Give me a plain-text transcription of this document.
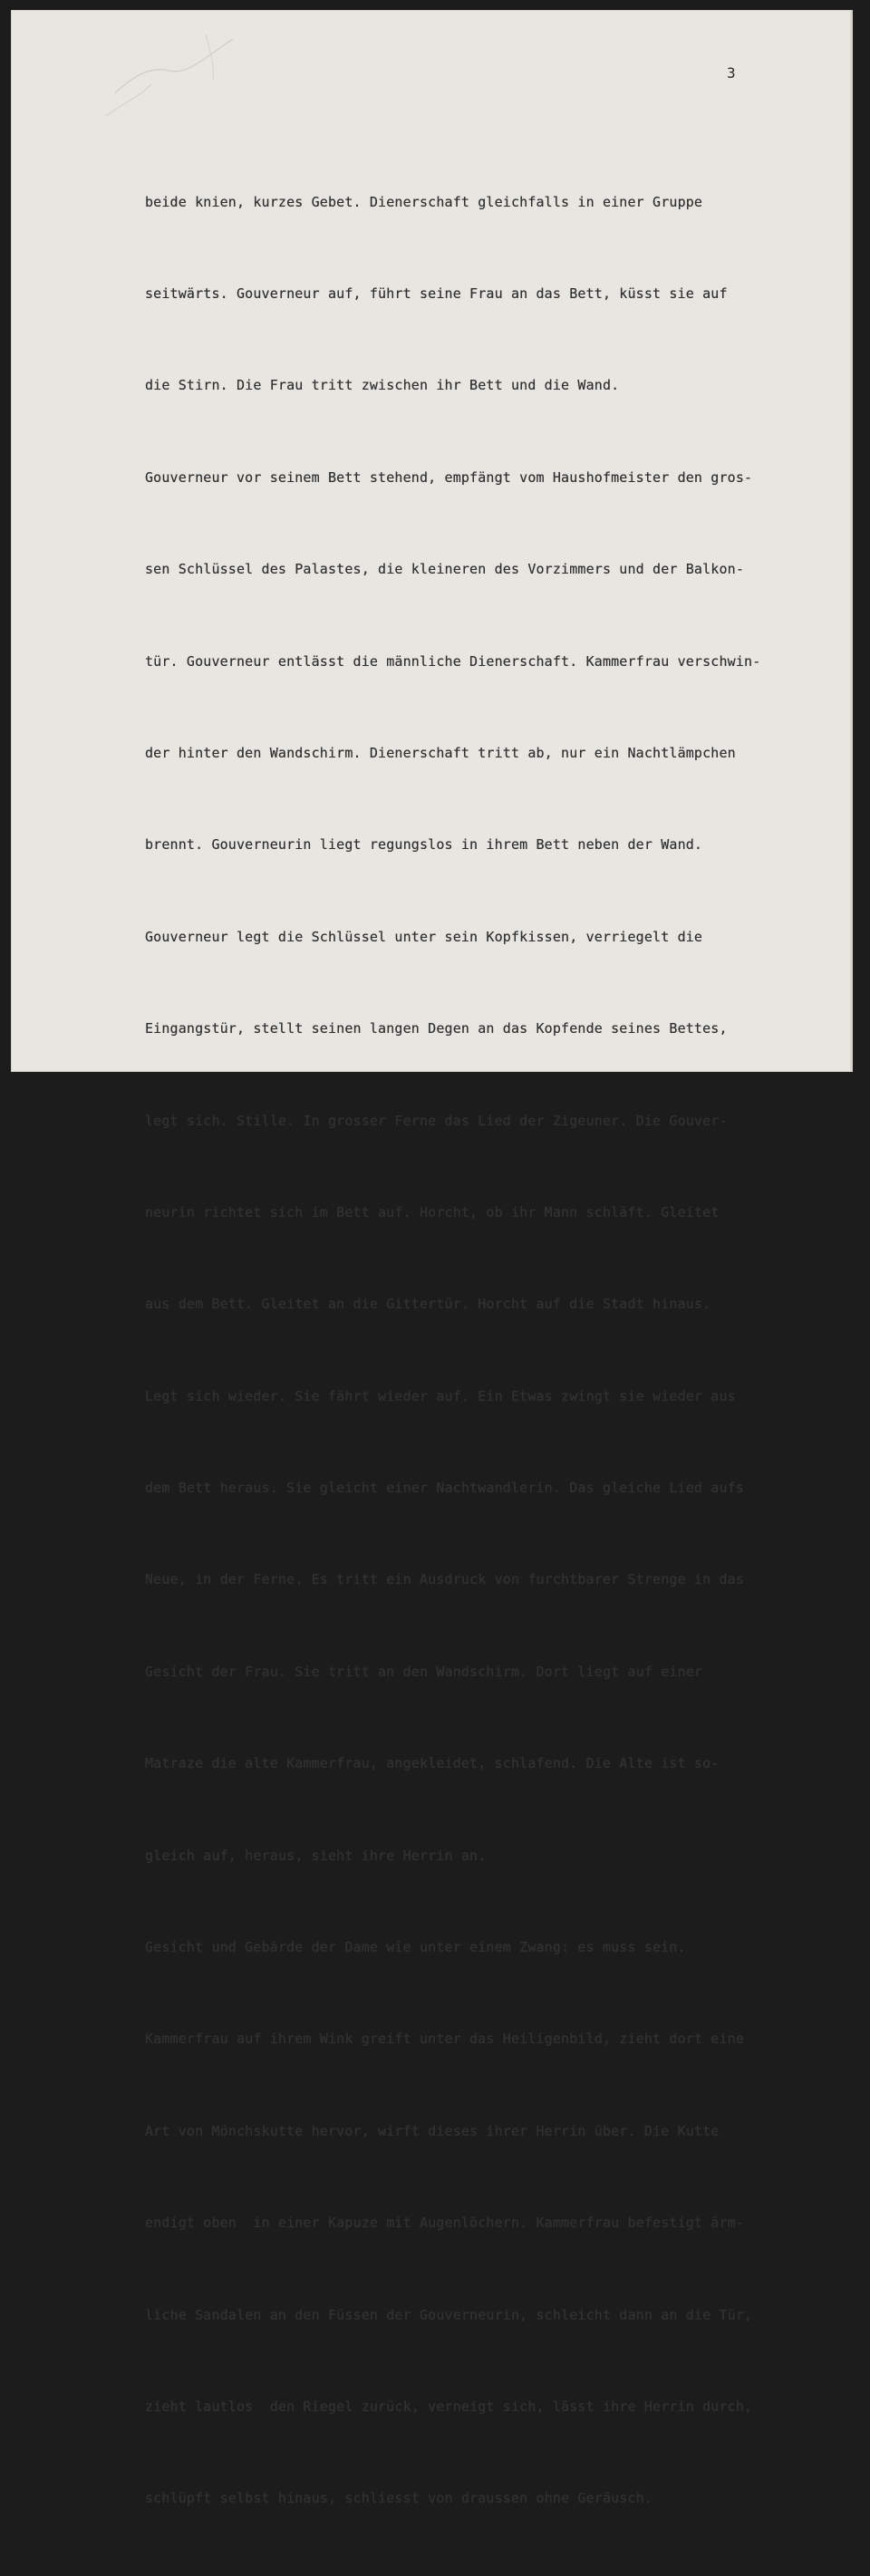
3

beide knien, kurzes Gebet. Dienerschaft gleichfalls in einer Gruppe

seitwärts. Gouverneur auf, führt seine Frau an das Bett, küsst sie auf

die Stirn. Die Frau tritt zwischen ihr Bett und die Wand.

Gouverneur vor seinem Bett stehend, empfängt vom Haushofmeister den gros-

sen Schlüssel des Palastes, die kleineren des Vorzimmers und der Balkon-

tür. Gouverneur entlässt die männliche Dienerschaft. Kammerfrau verschwin-

der hinter den Wandschirm. Dienerschaft tritt ab, nur ein Nachtlämpchen

brennt. Gouverneurin liegt regungslos in ihrem Bett neben der Wand.

Gouverneur legt die Schlüssel unter sein Kopfkissen, verriegelt die

Eingangstür, stellt seinen langen Degen an das Kopfende seines Bettes,

legt sich. Stille. In grosser Ferne das Lied der Zigeuner. Die Gouver-

neurin richtet sich im Bett auf. Horcht, ob ihr Mann schläft. Gleitet

aus dem Bett. Gleitet an die Gittertür. Horcht auf die Stadt hinaus.

Legt sich wieder. Sie fährt wieder auf. Ein Etwas zwingt sie wieder aus

dem Bett heraus. Sie gleicht einer Nachtwandlerin. Das gleiche Lied aufs

Neue, in der Ferne. Es tritt ein Ausdruck von furchtbarer Strenge in das

Gesicht der Frau. Sie tritt an den Wandschirm. Dort liegt auf einer

Matraze die alte Kammerfrau, angekleidet, schlafend. Die Alte ist so-

gleich auf, heraus, sieht ihre Herrin an.

Gesicht und Gebärde der Dame wie unter einem Zwang: es muss sein.

Kammerfrau auf ihrem Wink greift unter das Heiligenbild, zieht dort eine

Art von Mönchskutte hervor, wirft dieses ihrer Herrin über. Die Kutte

endigt oben  in einer Kapuze mit Augenlöchern. Kammerfrau befestigt ärm-

liche Sandalen an den Füssen der Gouverneurin, schleicht dann an die Tür,

zieht lautlos  den Riegel zurück, verneigt sich, lässt ihre Herrin durch,

schlüpft selbst hinaus, schliesst von draussen ohne Geräusch.
